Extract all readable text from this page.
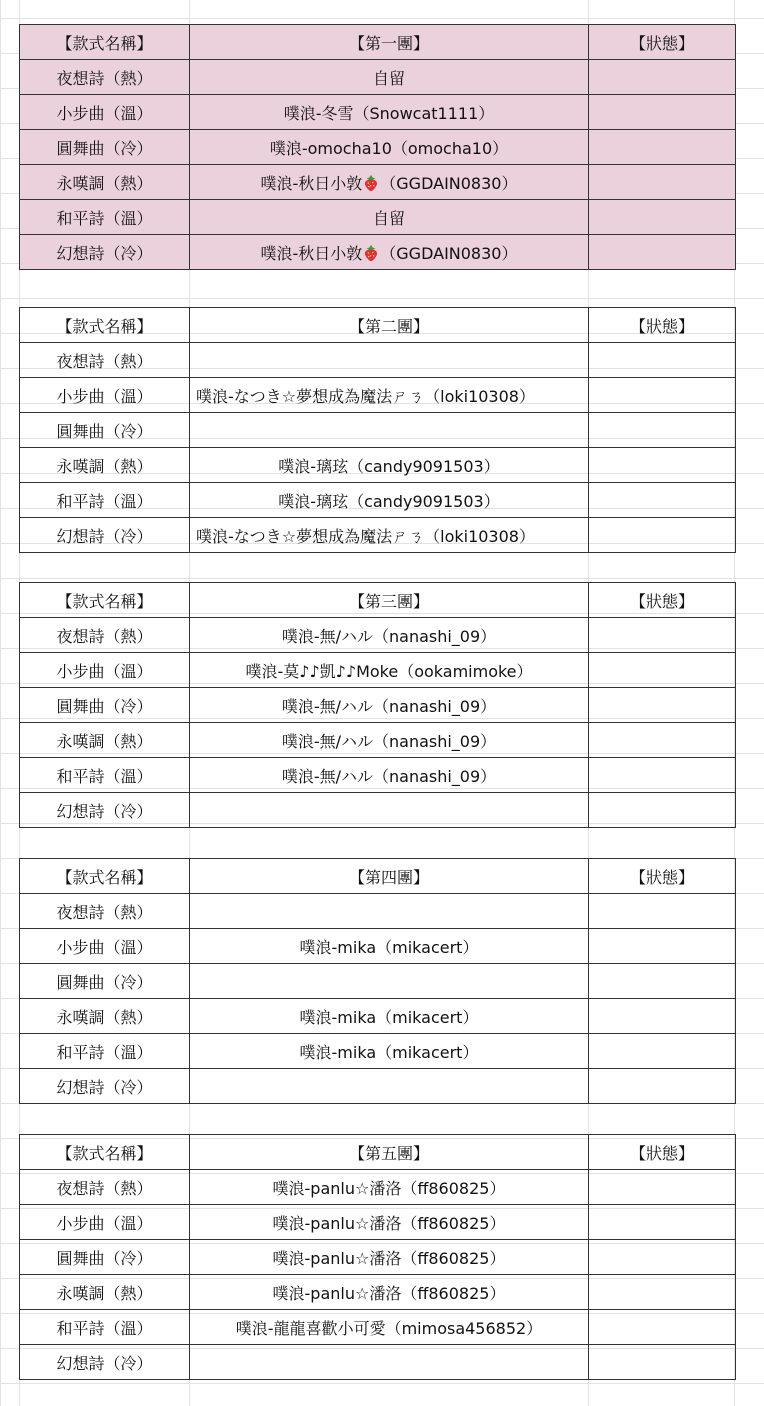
【款式名稱】	【第一團】	【狀態】
夜想詩（熱）	自留	
小步曲（溫）	噗浪-冬雪（Snowcat1111）	
圓舞曲（冷）	噗浪-omocha10（omocha10）	
永嘆調（熱）	噗浪-秋日小敦 （GGDAIN0830）	
和平詩（溫）	自留	
幻想詩（冷）	噗浪-秋日小敦 （GGDAIN0830）	
【款式名稱】	【第二團】	【狀態】
夜想詩（熱）		
小步曲（溫）	噗浪-なつき☆夢想成為魔法ㄕㄋ（loki10308）	
圓舞曲（冷）		
永嘆調（熱）	噗浪-璃玹（candy9091503）	
和平詩（溫）	噗浪-璃玹（candy9091503）	
幻想詩（冷）	噗浪-なつき☆夢想成為魔法ㄕㄋ（loki10308）	
【款式名稱】	【第三團】	【狀態】
夜想詩（熱）	噗浪-無/ハル（nanashi_09）	
小步曲（溫）	噗浪-莫♪♪凱♪♪Moke（ookamimoke）	
圓舞曲（冷）	噗浪-無/ハル（nanashi_09）	
永嘆調（熱）	噗浪-無/ハル（nanashi_09）	
和平詩（溫）	噗浪-無/ハル（nanashi_09）	
幻想詩（冷）		
【款式名稱】	【第四團】	【狀態】
夜想詩（熱）		
小步曲（溫）	噗浪-mika（mikacert）	
圓舞曲（冷）		
永嘆調（熱）	噗浪-mika（mikacert）	
和平詩（溫）	噗浪-mika（mikacert）	
幻想詩（冷）		
【款式名稱】	【第五團】	【狀態】
夜想詩（熱）	噗浪-panlu☆潘洛（ff860825）	
小步曲（溫）	噗浪-panlu☆潘洛（ff860825）	
圓舞曲（冷）	噗浪-panlu☆潘洛（ff860825）	
永嘆調（熱）	噗浪-panlu☆潘洛（ff860825）	
和平詩（溫）	噗浪-龍龍喜歡小可愛（mimosa456852）	
幻想詩（冷）		
